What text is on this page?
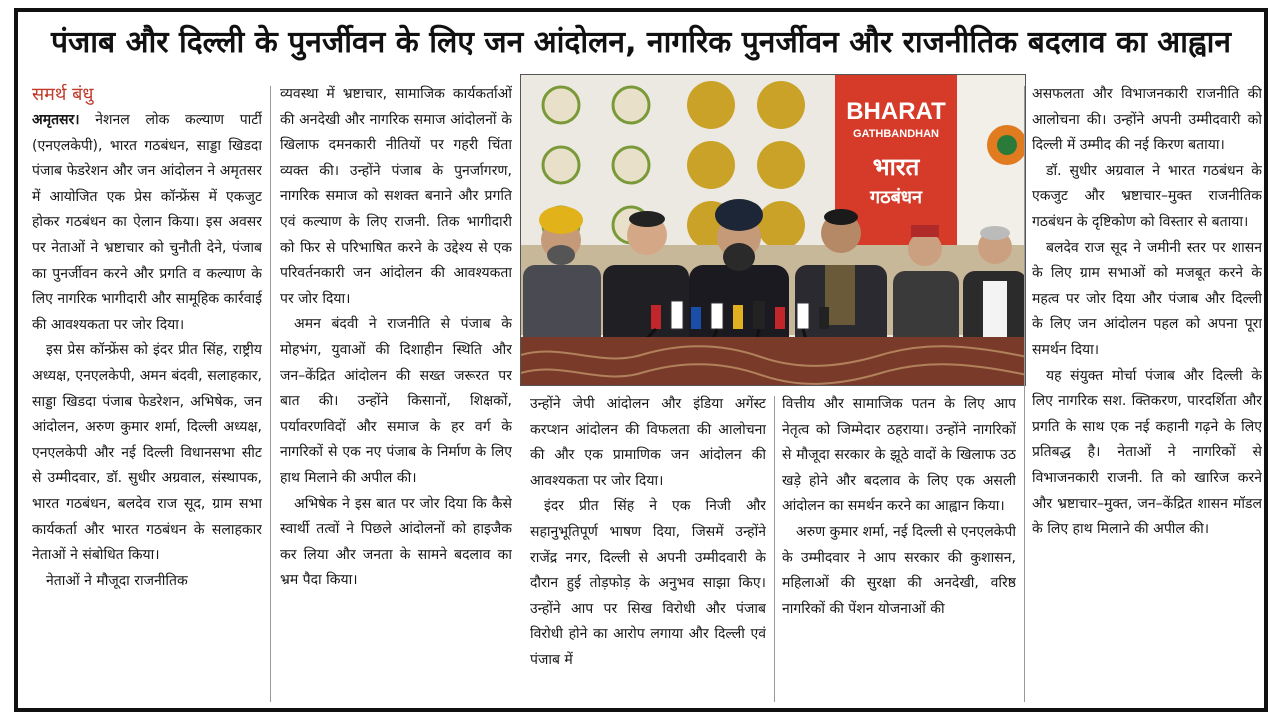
पंजाब और दिल्ली के पुनर्जीवन के लिए जन आंदोलन, नागरिक पुनर्जीवन और राजनीतिक बदलाव का आह्वान
समर्थ बंधु

अमृतसर। नेशनल लोक कल्याण पार्टी (एनएलकेपी), भारत गठबंधन, साड्डा खिडदा पंजाब फेडरेशन और जन आंदोलन ने अमृतसर में आयोजित एक प्रेस कॉन्फ्रेंस में एकजुट होकर गठबंधन का ऐलान किया। इस अवसर पर नेताओं ने भ्रष्टाचार को चुनौती देने, पंजाब का पुनर्जीवन करने और प्रगति व कल्याण के लिए नागरिक भागीदारी और सामूहिक कार्रवाई की आवश्यकता पर जोर दिया।

इस प्रेस कॉन्फ्रेंस को इंदर प्रीत सिंह, राष्ट्रीय अध्यक्ष, एनएलकेपी, अमन बंदवी, सलाहकार, साड्डा खिडदा पंजाब फेडरेशन, अभिषेक, जन आंदोलन, अरुण कुमार शर्मा, दिल्ली अध्यक्ष, एनएलकेपी और नई दिल्ली विधानसभा सीट से उम्मीदवार, डॉ. सुधीर अग्रवाल, संस्थापक, भारत गठबंधन, बलदेव राज सूद, ग्राम सभा कार्यकर्ता और भारत गठबंधन के सलाहकार नेताओं ने संबोधित किया।

नेताओं ने मौजूदा राजनीतिक

व्यवस्था में भ्रष्टाचार, सामाजिक कार्यकर्ताओं की अनदेखी और नागरिक समाज आंदोलनों के खिलाफ दमनकारी नीतियों पर गहरी चिंता व्यक्त की। उन्होंने पंजाब के पुनर्जागरण, नागरिक समाज को सशक्त बनाने और प्रगति एवं कल्याण के लिए राजनी. तिक भागीदारी को फिर से परिभाषित करने के उद्देश्य से एक परिवर्तनकारी जन आंदोलन की आवश्यकता पर जोर दिया।

अमन बंदवी ने राजनीति से पंजाब के मोहभंग, युवाओं की दिशाहीन स्थिति और जन–केंद्रित आंदोलन की सख्त जरूरत पर बात की। उन्होंने किसानों, शिक्षकों, पर्यावरणविदों और समाज के हर वर्ग के नागरिकों से एक नए पंजाब के निर्माण के लिए हाथ मिलाने की अपील की।

अभिषेक ने इस बात पर जोर दिया कि कैसे स्वार्थी तत्वों ने पिछले आंदोलनों को हाइजैक कर लिया और जनता के सामने बदलाव का भ्रम पैदा किया।

BHARAT
GATHBANDHAN
भारत
गठबंधन

उन्होंने जेपी आंदोलन और इंडिया अगेंस्ट करप्शन आंदोलन की विफलता की आलोचना की और एक प्रामाणिक जन आंदोलन की आवश्यकता पर जोर दिया।

इंदर प्रीत सिंह ने एक निजी और सहानुभूतिपूर्ण भाषण दिया, जिसमें उन्होंने राजेंद्र नगर, दिल्ली से अपनी उम्मीदवारी के दौरान हुई तोड़फोड़ के अनुभव साझा किए। उन्होंने आप पर सिख विरोधी और पंजाब विरोधी होने का आरोप लगाया और दिल्ली एवं पंजाब में

वित्तीय और सामाजिक पतन के लिए आप नेतृत्व को जिम्मेदार ठहराया। उन्होंने नागरिकों से मौजूदा सरकार के झूठे वादों के खिलाफ उठ खड़े होने और बदलाव के लिए एक असली आंदोलन का समर्थन करने का आह्वान किया।

अरुण कुमार शर्मा, नई दिल्ली से एनएलकेपी के उम्मीदवार ने आप सरकार की कुशासन, महिलाओं की सुरक्षा की अनदेखी, वरिष्ठ नागरिकों की पेंशन योजनाओं की

असफलता और विभाजनकारी राजनीति की आलोचना की। उन्होंने अपनी उम्मीदवारी को दिल्ली में उम्मीद की नई किरण बताया।

डॉ. सुधीर अग्रवाल ने भारत गठबंधन के एकजुट और भ्रष्टाचार–मुक्त राजनीतिक गठबंधन के दृष्टिकोण को विस्तार से बताया।

बलदेव राज सूद ने जमीनी स्तर पर शासन के लिए ग्राम सभाओं को मजबूत करने के महत्व पर जोर दिया और पंजाब और दिल्ली के लिए जन आंदोलन पहल को अपना पूरा समर्थन दिया।

यह संयुक्त मोर्चा पंजाब और दिल्ली के लिए नागरिक सश. क्तिकरण, पारदर्शिता और प्रगति के साथ एक नई कहानी गढ़ने के लिए प्रतिबद्ध है। नेताओं ने नागरिकों से विभाजनकारी राजनी. ति को खारिज करने और भ्रष्टाचार–मुक्त, जन–केंद्रित शासन मॉडल के लिए हाथ मिलाने की अपील की।
